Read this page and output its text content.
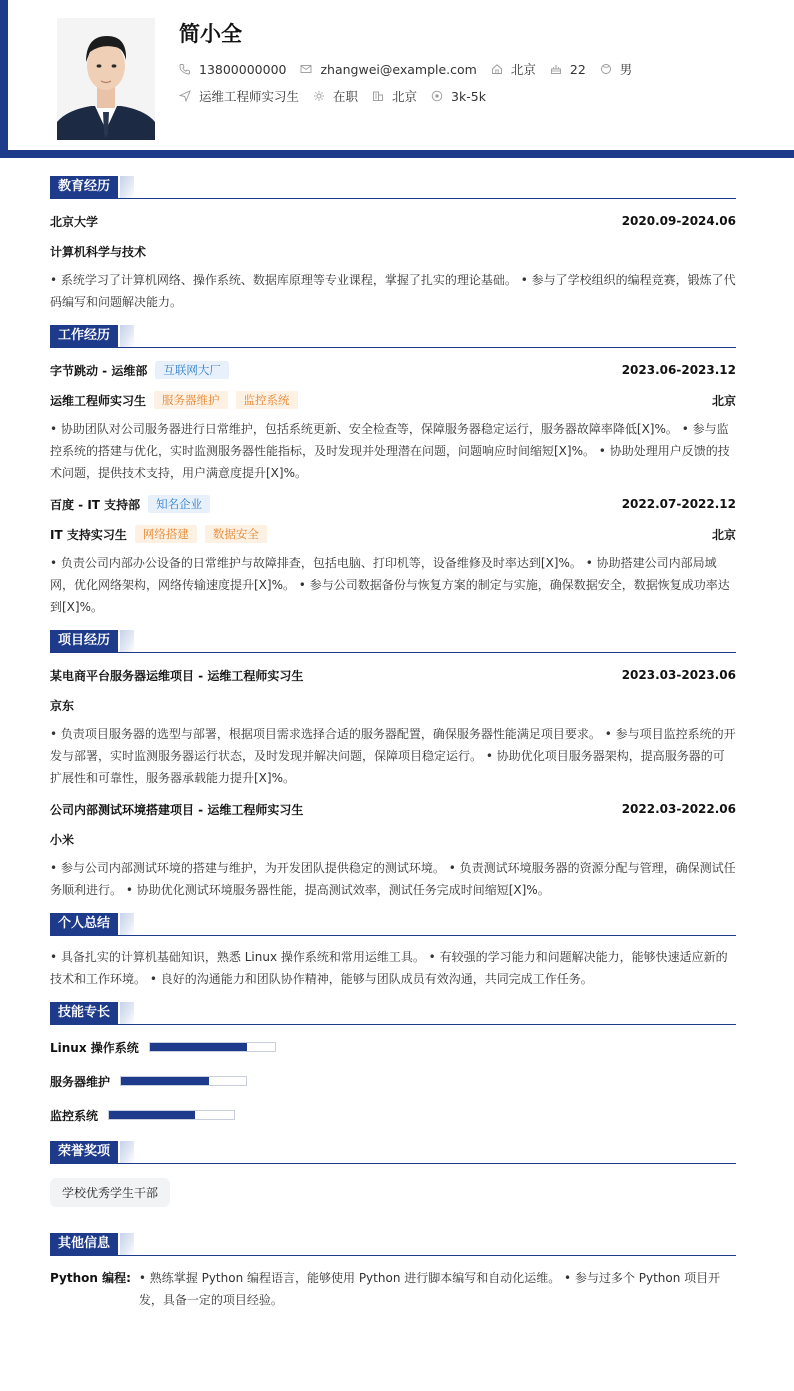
简小全
13800000000	zhangwei@example.com	北京	22	男
运维工程师实习生	在职	北京	3k-5k
教育经历
北京大学	2020.09-2024.06
计算机科学与技术
• 系统学习了计算机网络、操作系统、数据库原理等专业课程，掌握了扎实的理论基础。 • 参与了学校组织的编程竞赛，锻炼了代码编写和问题解决能力。
工作经历
字节跳动 - 运维部	互联网大厂	2023.06-2023.12
运维工程师实习生	服务器维护	监控系统	北京
• 协助团队对公司服务器进行日常维护，包括系统更新、安全检查等，保障服务器稳定运行，服务器故障率降低[X]%。 • 参与监控系统的搭建与优化，实时监测服务器性能指标，及时发现并处理潜在问题，问题响应时间缩短[X]%。 • 协助处理用户反馈的技术问题，提供技术支持，用户满意度提升[X]%。
百度 - IT 支持部	知名企业	2022.07-2022.12
IT 支持实习生	网络搭建	数据安全	北京
• 负责公司内部办公设备的日常维护与故障排查，包括电脑、打印机等，设备维修及时率达到[X]%。 • 协助搭建公司内部局域网，优化网络架构，网络传输速度提升[X]%。 • 参与公司数据备份与恢复方案的制定与实施，确保数据安全，数据恢复成功率达到[X]%。
项目经历
某电商平台服务器运维项目 - 运维工程师实习生	2023.03-2023.06
京东
• 负责项目服务器的选型与部署，根据项目需求选择合适的服务器配置，确保服务器性能满足项目要求。 • 参与项目监控系统的开发与部署，实时监测服务器运行状态，及时发现并解决问题，保障项目稳定运行。 • 协助优化项目服务器架构，提高服务器的可扩展性和可靠性，服务器承载能力提升[X]%。
公司内部测试环境搭建项目 - 运维工程师实习生	2022.03-2022.06
小米
• 参与公司内部测试环境的搭建与维护，为开发团队提供稳定的测试环境。 • 负责测试环境服务器的资源分配与管理，确保测试任务顺利进行。 • 协助优化测试环境服务器性能，提高测试效率，测试任务完成时间缩短[X]%。
个人总结
• 具备扎实的计算机基础知识，熟悉 Linux 操作系统和常用运维工具。 • 有较强的学习能力和问题解决能力，能够快速适应新的技术和工作环境。 • 良好的沟通能力和团队协作精神，能够与团队成员有效沟通，共同完成工作任务。
技能专长
Linux 操作系统
服务器维护
监控系统
荣誉奖项
学校优秀学生干部
其他信息
Python 编程: • 熟练掌握 Python 编程语言，能够使用 Python 进行脚本编写和自动化运维。 • 参与过多个 Python 项目开发，具备一定的项目经验。
